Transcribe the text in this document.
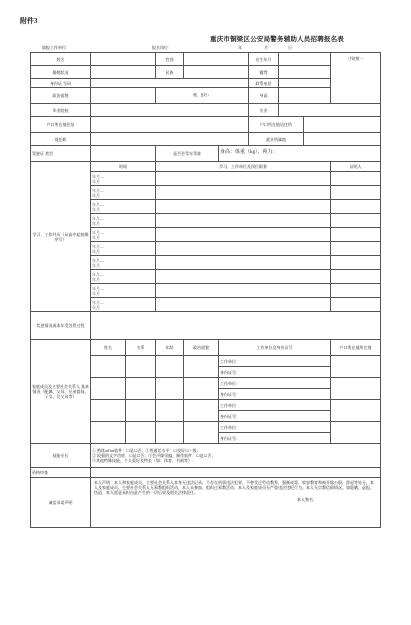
附件3
重庆市铜梁区公安局警务辅助人员招聘报名表
填报工作单位：	报名岗位：	年	月	日
姓名			性别			出生年月			寸贴照一
婚姻状况			民族			籍贯			
身份证 号码						联系电话			
政治面貌			健、良好）			身高			
毕业院校						专业			
户口所在地住址						户口所在地居住所			
现任职						就业所属地			
驾驶证 类型			是否会驾车驾驶		身高：体重（kg），视力：				
学习、工作经历（从高中起按顺序写）	时间		学习、工作单位及岗位职务						证明人

	年月—
年月								

	年月—
年月								

	年月—
年月								

	年月—
年月								

	年月—
年月								

	年月—
年月								

	年月—
年月								

	年月—
年月								

	年月—
年月								

	年月—
年月								

奖惩情况或本年受处罚过程									
家庭成员及主要社会关系人 基本情况（配偶、父母、兄弟姐妹、子女、岳父母等）	姓名	关系	年龄	政治面貌	工作单位及身份证号				户口所在地所在地
					工作单位：				
					身份证号：				
					工作单位：				
					身份证号：				
					工作单位：				
					身份证号：				
					工作单位：				
					身份证号：				
技能专长	① 熟练office软件：☐是☐否；②普通话水平：☐良好☐一般；
② 较强的文字功底：☐是☐否；③会声像采编、制作软件：☐是☐否；
③其他特殊技能、个人爱好及特长（如：体育、书画等）：								

资格审查									
诚信承诺声明	本人声明：本人和家庭成员、主要社会关系人本身无违法记录，不存在刑事违法犯罪，不曾受过劳动教养、强制戒毒、收容教育和被开除公职、辞退等处分。本人及家庭成员、主要社会关系人无邪教组织活动，本人未参加、组织过邪教活动，本人及家庭成员无严重违法违纪行为。本人无宗教信仰情况。如隐瞒、虚报、伪造，本人愿意承担由此产生的一切后果及相关法律责任。
本人签名：								
